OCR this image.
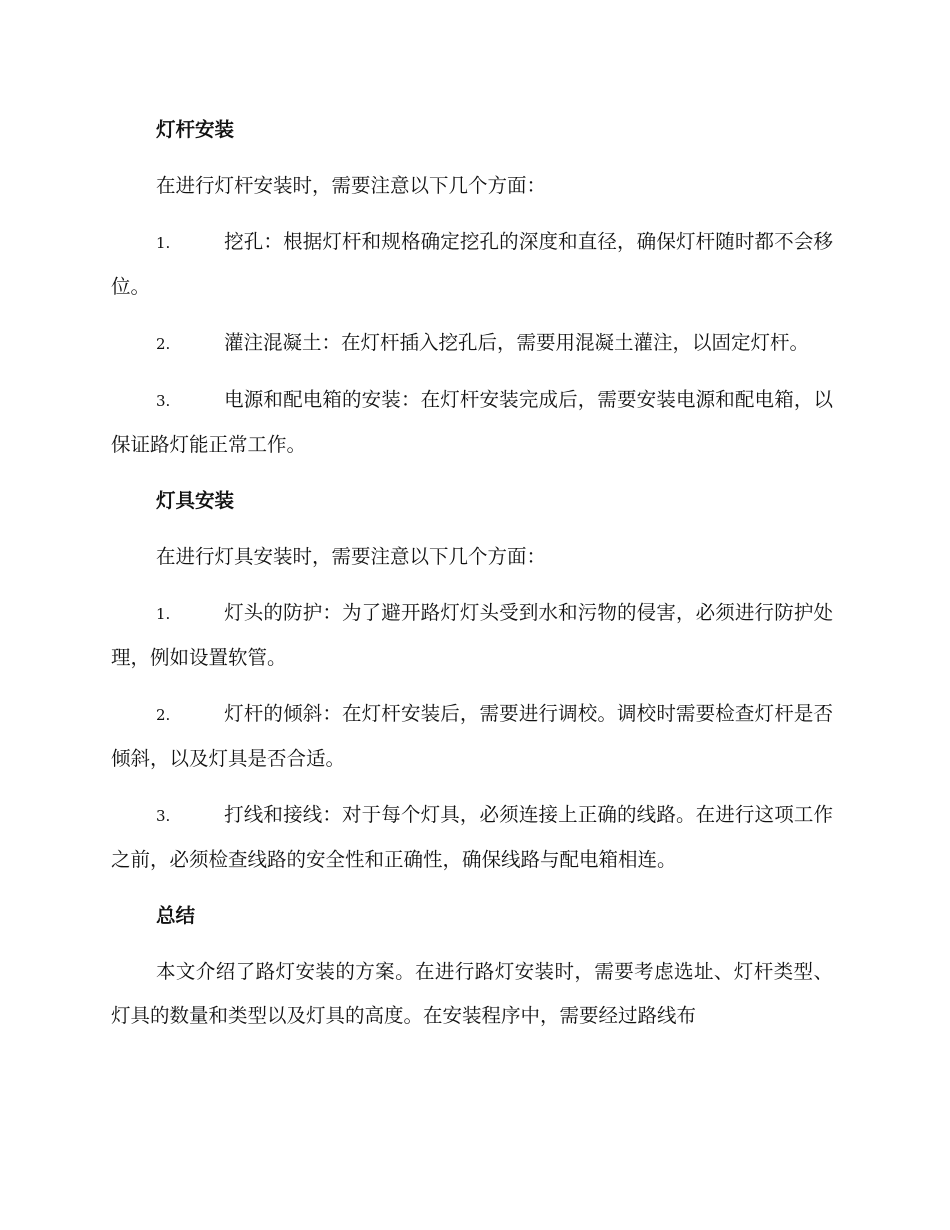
灯杆安装
在进行灯杆安装时，需要注意以下几个方面：
1.	挖孔：根据灯杆和规格确定挖孔的深度和直径，确保灯杆随时都不会移位。
2.	灌注混凝土：在灯杆插入挖孔后，需要用混凝土灌注，以固定灯杆。
3.	电源和配电箱的安装：在灯杆安装完成后，需要安装电源和配电箱，以保证路灯能正常工作。
灯具安装
在进行灯具安装时，需要注意以下几个方面：
1.	灯头的防护：为了避开路灯灯头受到水和污物的侵害，必须进行防护处理，例如设置软管。
2.	灯杆的倾斜：在灯杆安装后，需要进行调校。调校时需要检查灯杆是否倾斜，以及灯具是否合适。
3.	打线和接线：对于每个灯具，必须连接上正确的线路。在进行这项工作之前，必须检查线路的安全性和正确性，确保线路与配电箱相连。
总结
本文介绍了路灯安装的方案。在进行路灯安装时，需要考虑选址、灯杆类型、灯具的数量和类型以及灯具的高度。在安装程序中，需要经过路线布
